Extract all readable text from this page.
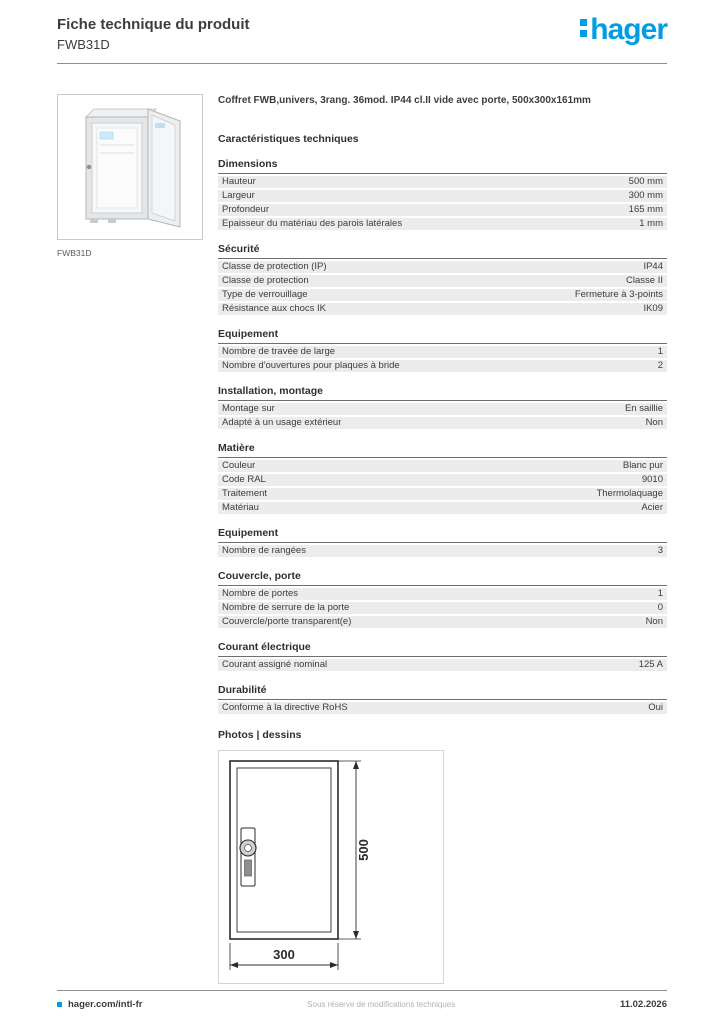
Fiche technique du produit
FWB31D	hager
FWB31D
Coffret FWB,univers, 3rang. 36mod. IP44 cl.II vide avec porte, 500x300x161mm
Caractéristiques techniques
Dimensions
Hauteur	500 mm
Largeur	300 mm
Profondeur	165 mm
Epaisseur du matériau des parois latérales	1 mm
Sécurité
Classe de protection (IP)	IP44
Classe de protection	Classe II
Type de verrouillage	Fermeture à 3-points
Résistance aux chocs IK	IK09
Equipement
Nombre de travée de large	1
Nombre d'ouvertures pour plaques à bride	2
Installation, montage
Montage sur	En saillie
Adapté à un usage extérieur	Non
Matière
Couleur	Blanc pur
Code RAL	9010
Traitement	Thermolaquage
Matériau	Acier
Equipement
Nombre de rangées	3
Couvercle, porte
Nombre de portes	1
Nombre de serrure de la porte	0
Couvercle/porte transparent(e)	Non
Courant électrique
Courant assigné nominal	125 A
Durabilité
Conforme à la directive RoHS	Oui
Photos | dessins
500
300
hager.com/intl-fr	Sous réserve de modifications techniques	11.02.2026
